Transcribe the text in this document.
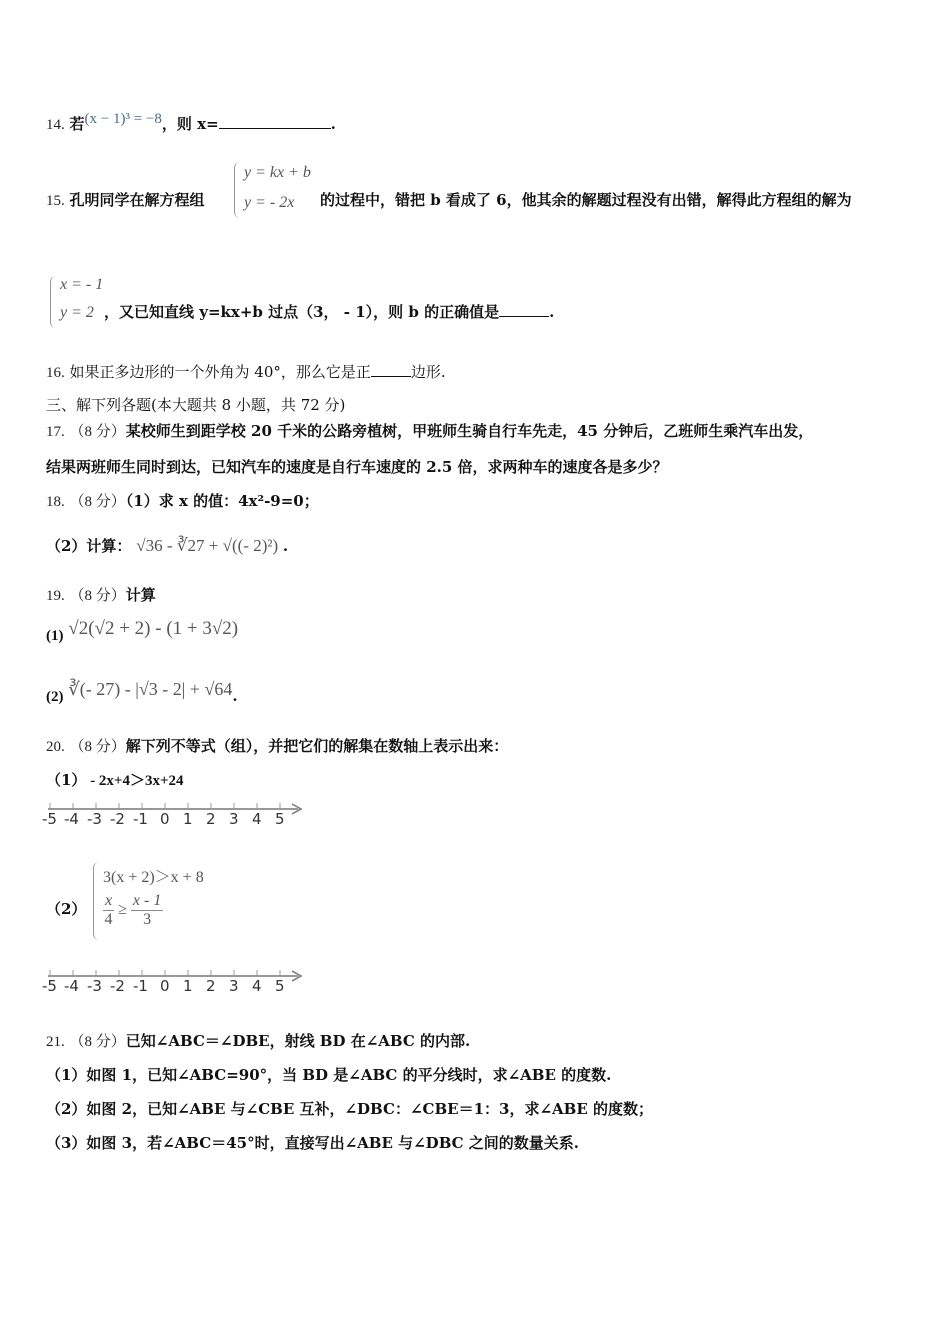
14. 若(x − 1)³ = −8，则 x=	.
15. 孔明同学在解方程组
y = kx + b
y = - 2x 的过程中，错把 b 看成了 6，他其余的解题过程没有出错，解得此方程组的解为
x = - 1
y = 2 ，又已知直线 y=kx+b 过点（3， - 1），则 b 的正确值是	.
16. 如果正多边形的一个外角为 40°，那么它是正	边形.
三、解下列各题(本大题共 8 小题，共 72 分)
17. （8 分）某校师生到距学校 20 千米的公路旁植树，甲班师生骑自行车先走，45 分钟后，乙班师生乘汽车出发，
结果两班师生同时到达，已知汽车的速度是自行车速度的 2.5 倍，求两种车的速度各是多少？
18. （8 分）（1）求 x 的值：4x²-9=0；
（2）计算： √36 - ∛27 + √((- 2)²) .
19. （8 分）计算
(1) √2(√2 + 2) - (1 + 3√2)
(2) ∛(- 27) - |√3 - 2| + √64.
20. （8 分）解下列不等式（组），并把它们的解集在数轴上表示出来：
（1） - 2x+4＞3x+24
-5 -4 -3 -2 -1 0 1 2 3 4 5
（2）
3(x + 2)＞x + 8
$\frac{x}{4} \ge \frac{x - 1}{3}$
-5 -4 -3 -2 -1 0 1 2 3 4 5
21. （8 分）已知∠ABC＝∠DBE，射线 BD 在∠ABC 的内部.
（1）如图 1，已知∠ABC=90°，当 BD 是∠ABC 的平分线时，求∠ABE 的度数.
（2）如图 2，已知∠ABE 与∠CBE 互补，∠DBC：∠CBE＝1：3，求∠ABE 的度数；
（3）如图 3，若∠ABC＝45°时，直接写出∠ABE 与∠DBC 之间的数量关系.
